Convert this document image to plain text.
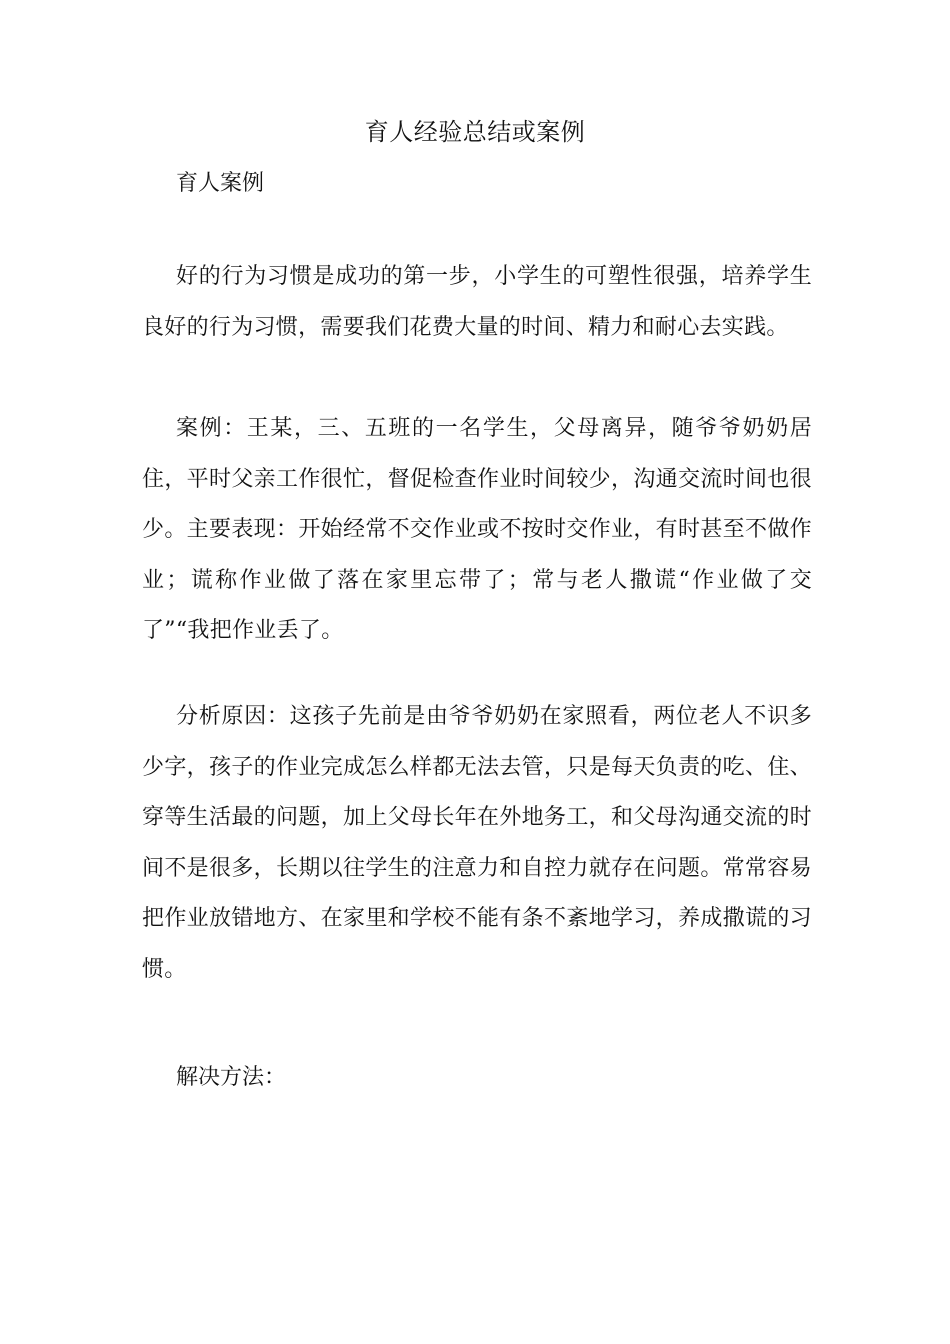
育人经验总结或案例

育人案例

好的行为习惯是成功的第一步，小学生的可塑性很强，培养学生良好的行为习惯，需要我们花费大量的时间、精力和耐心去实践。

案例：王某，三、五班的一名学生，父母离异，随爷爷奶奶居住，平时父亲工作很忙，督促检查作业时间较少，沟通交流时间也很少。主要表现：开始经常不交作业或不按时交作业，有时甚至不做作业；谎称作业做了落在家里忘带了；常与老人撒谎“作业做了交了”“我把作业丢了。

分析原因：这孩子先前是由爷爷奶奶在家照看，两位老人不识多少字，孩子的作业完成怎么样都无法去管，只是每天负责的吃、住、穿等生活最的问题，加上父母长年在外地务工，和父母沟通交流的时间不是很多，长期以往学生的注意力和自控力就存在问题。常常容易把作业放错地方、在家里和学校不能有条不紊地学习，养成撒谎的习惯。

解决方法：
